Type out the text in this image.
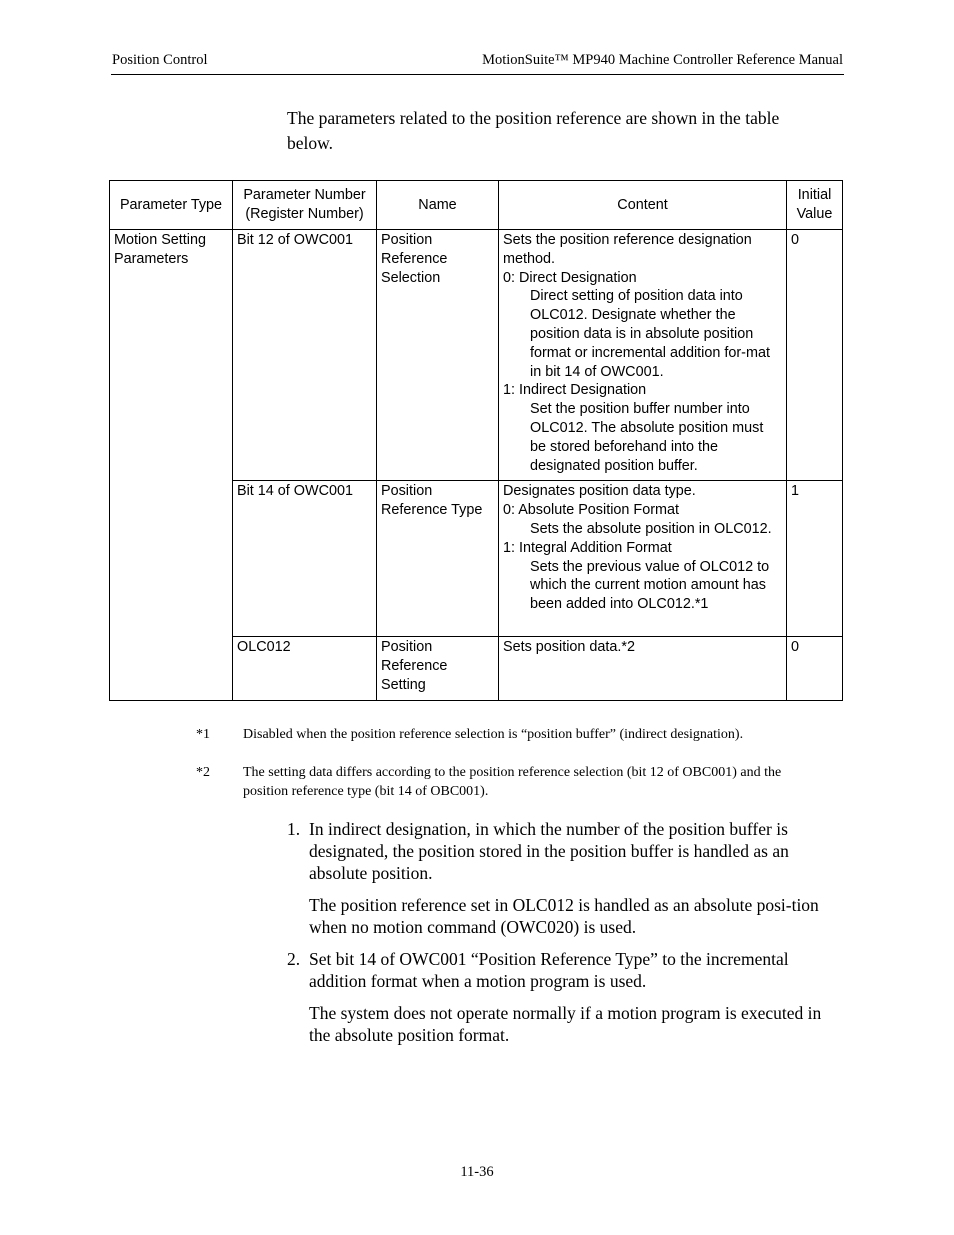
Position Control	MotionSuite™ MP940 Machine Controller Reference Manual
The parameters related to the position reference are shown in the table below.
Parameter Type	Parameter Number (Register Number)	Name	Content	Initial Value
Motion Setting Parameters	Bit 12 of OWC001	Position Reference Selection	Sets the position reference designation method.
0: Direct Designation
Direct setting of position data into OLC012. Designate whether the position data is in absolute position format or incremental addition for-mat in bit 14 of OWC001.
1: Indirect Designation
Set the position buffer number into OLC012. The absolute position must be stored beforehand into the designated position buffer.	0
	Bit 14 of OWC001	Position Reference Type	Designates position data type.
0: Absolute Position Format
Sets the absolute position in OLC012.
1: Integral Addition Format
Sets the previous value of OLC012 to which the current motion amount has been added into OLC012.*1	1
	OLC012	Position Reference Setting	Sets position data.*2	0
*1	Disabled when the position reference selection is “position buffer” (indirect designation).
*2	The setting data differs according to the position reference selection (bit 12 of OBC001) and the position reference type (bit 14 of OBC001).
1. In indirect designation, in which the number of the position buffer is designated, the position stored in the position buffer is handled as an absolute position.

The position reference set in OLC012 is handled as an absolute posi-tion when no motion command (OWC020) is used.

2. Set bit 14 of OWC001 “Position Reference Type” to the incremental addition format when a motion program is used.

The system does not operate normally if a motion program is executed in the absolute position format.

11-36
